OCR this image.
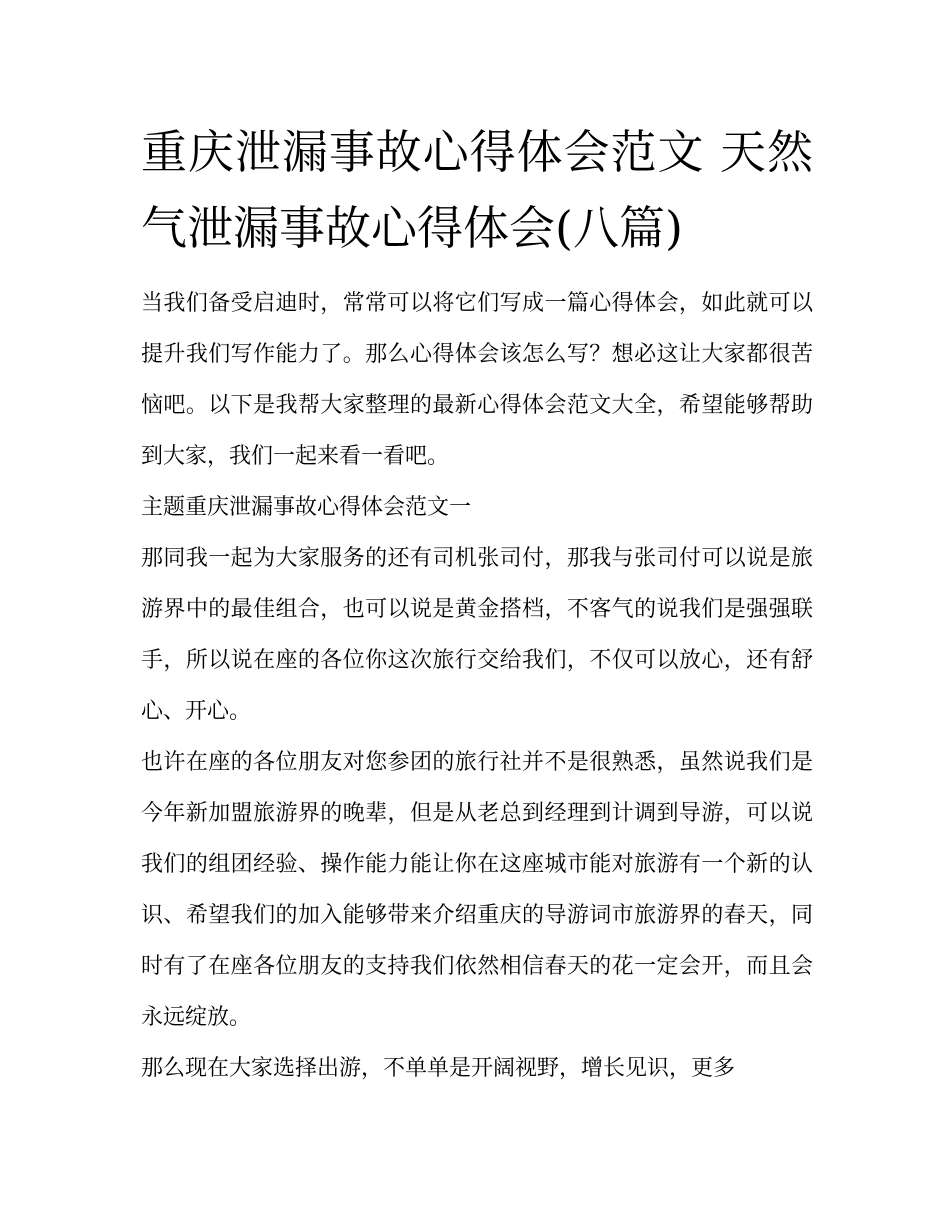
重庆泄漏事故心得体会范文 天然气泄漏事故心得体会(八篇)

当我们备受启迪时，常常可以将它们写成一篇心得体会，如此就可以提升我们写作能力了。那么心得体会该怎么写？想必这让大家都很苦恼吧。以下是我帮大家整理的最新心得体会范文大全，希望能够帮助到大家，我们一起来看一看吧。

主题重庆泄漏事故心得体会范文一

那同我一起为大家服务的还有司机张司付，那我与张司付可以说是旅游界中的最佳组合，也可以说是黄金搭档，不客气的说我们是强强联手，所以说在座的各位你这次旅行交给我们，不仅可以放心，还有舒心、开心。

也许在座的各位朋友对您参团的旅行社并不是很熟悉，虽然说我们是今年新加盟旅游界的晚辈，但是从老总到经理到计调到导游，可以说我们的组团经验、操作能力能让你在这座城市能对旅游有一个新的认识、希望我们的加入能够带来介绍重庆的导游词市旅游界的春天，同时有了在座各位朋友的支持我们依然相信春天的花一定会开，而且会永远绽放。

那么现在大家选择出游，不单单是开阔视野，增长见识，更多
